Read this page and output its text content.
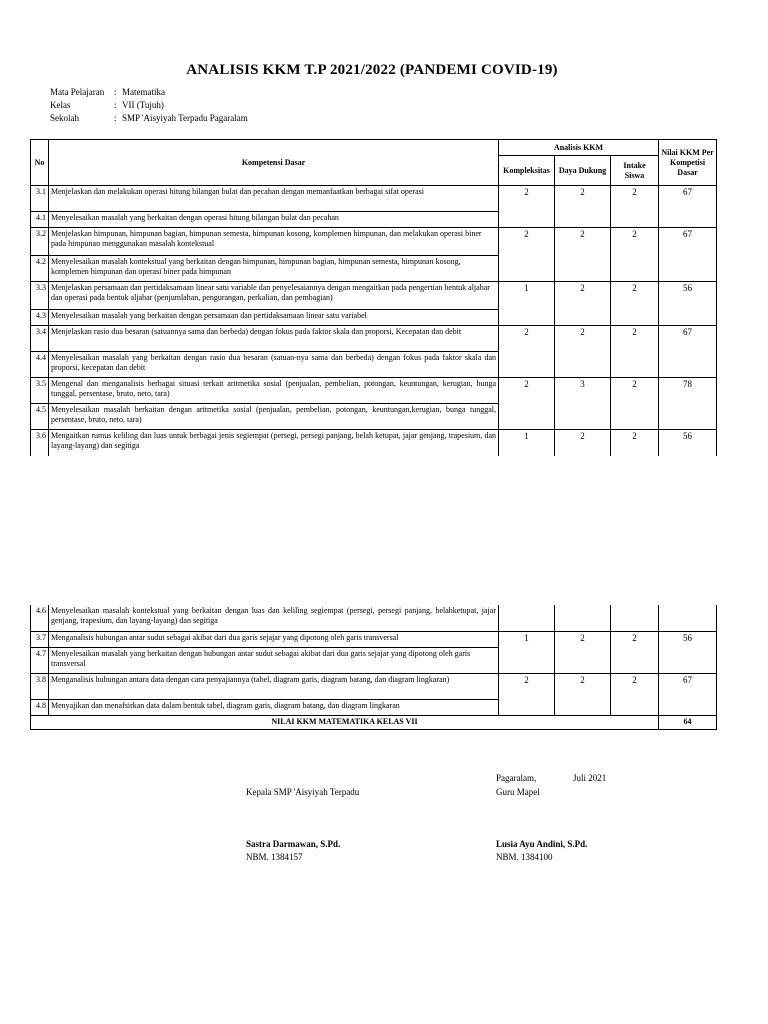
ANALISIS KKM T.P 2021/2022 (PANDEMI COVID-19)
Mata Pelajaran : Matematika
Kelas	: VII (Tujuh)
Sekolah	: SMP 'Aisyiyah Terpadu Pagaralam
No	Kompetensi Dasar	Analisis KKM			Nilai KKM Per Kompetisi Dasar
		Kompleksitas	Daya Dukung	Intake Siswa	
3.1	Menjelaskan dan melakukan operasi hitung bilangan bulat dan pecahan dengan memanfaatkan berbagai sifat operasi	2	2	2	67
4.1	Menyelesaikan masalah yang berkaitan dengan operasi hitung bilangan bulat dan pecahan				
3.2	Menjelaskan himpunan, himpunan bagian, himpunan semesta, himpunan kosong, komplemen himpunan, dan melakukan operasi biner pada himpunan menggunakan masalah kontekstual	2	2	2	67
4.2	Menyelesaikan masalah kontekstual yang berkaitan dengan himpunan, himpunan bagian, himpunan semesta, himpunan kosong, komplemen himpunan dan operasi biner pada himpunan				
3.3	Menjelaskan persamaan dan pertidaksamaan linear satu variable dan penyelesaiannya dengan mengaitkan pada pengertian bentuk aljabar dan operasi pada bentuk aljabar (penjumlahan, pengurangan, perkalian, dan pembagian)	1	2	2	56
4.3	Menyelesaikan masalah yang berkaitan dengan persamaan dan pertidaksamaan linear satu variabel				
3.4	Menjelaskan rasio dua besaran (satuannya sama dan berbeda) dengan fokus pada faktor skala dan proporsi, Kecepatan dan debit	2	2	2	67
4.4	Menyelesaikan masalah yang berkaitan dengan rasio dua besaran (satuan-nya sama dan berbeda) dengan fokus pada faktor skala dan proporsi, kecepatan dan debit				
3.5	Mengenal dan menganalisis berbagai situasi terkait aritmetika sosial (penjualan, pembelian, potongan, keuntungan, kerugian, bunga tunggal, persentase, bruto, neto, tara)	2	3	2	78
4.5	Menyelesaikan masalah berkaitan dengan aritmetika sosial (penjualan, pembelian, potongan, keuntungan,kerugian, bunga tunggal, persentase, bruto, neto, tara)				
3.6	Mengaitkan rumus keliling dan luas untuk berbagai jenis segiempat (persegi, persegi panjang, belah ketupat, jajar genjang, trapesium, dan layang-layang) dan segitiga	1	2	2	56
4.6	Menyelesaikan masalah kontekstual yang berkaitan dengan luas dan keliling segiempat (persegi, persegi panjang, belahketupat, jajar genjang, trapesium, dan layang-layang) dan segitiga				
3.7	Menganalisis hubungan antar sudut sebagai akibat dari dua garis sejajar yang dipotong oleh garis transversal	1	2	2	56
4.7	Menyelesaikan masalah yang berkaitan dengan hubungan antar sudut sebagai akibat dari dua garis sejajar yang dipotong oleh garis transversal				
3.8	Menganalisis hubungan antara data dengan cara penyajiannya (tabel, diagram garis, diagram batang, dan diagram lingkaran)	2	2	2	67
4.8	Menyajikan dan menafsirkan data dalam bentuk tabel, diagram garis, diagram batang, dan diagram lingkaran				
NILAI KKM MATEMATIKA KELAS VII					64
Pagaralam,	Juli 2021
Kepala SMP 'Aisyiyah Terpadu	Guru Mapel
Sastra Darmawan, S.Pd.
NBM. 1384157
Lusia Ayu Andini, S.Pd.
NBM. 1384100
